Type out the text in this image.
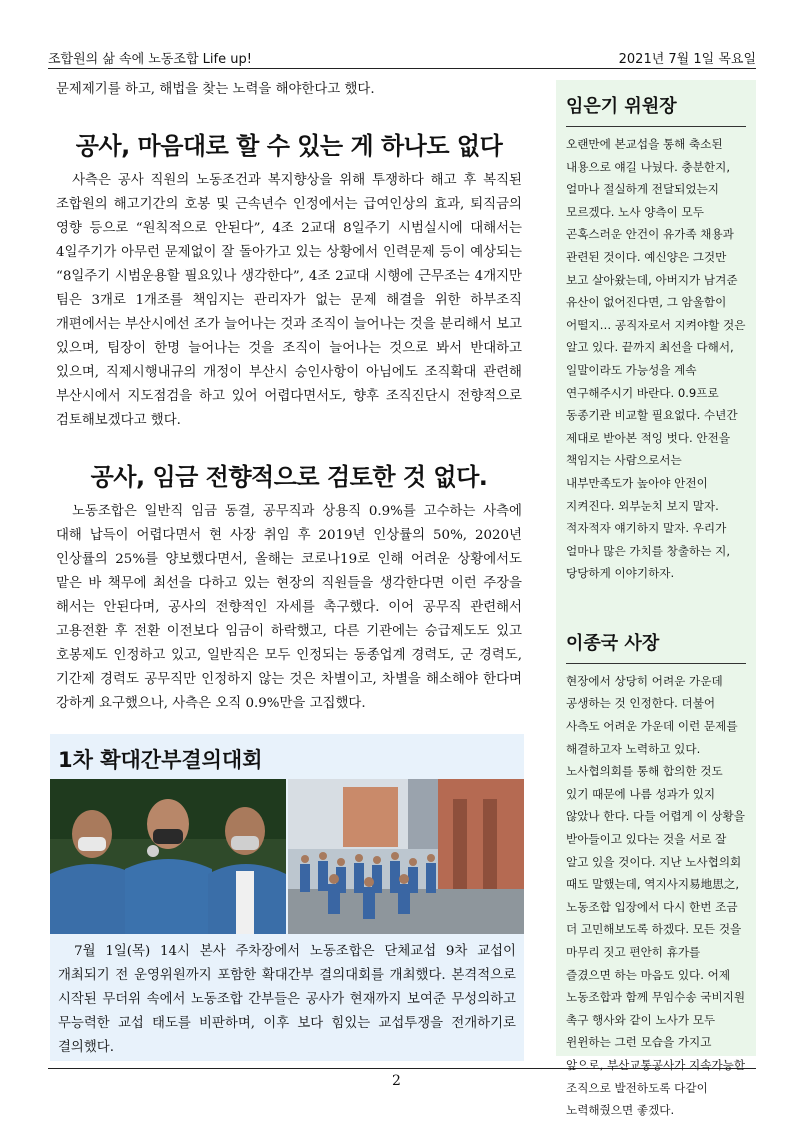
조합원의 삶 속에 노동조합 Life up!	2021년 7월 1일 목요일

문제제기를 하고, 해법을 찾는 노력을 해야한다고 했다.

공사, 마음대로 할 수 있는 게 하나도 없다

사측은 공사 직원의 노동조건과 복지향상을 위해 투쟁하다 해고 후 복직된 조합원의 해고기간의 호봉 및 근속년수 인정에서는 급여인상의 효과, 퇴직금의 영향 등으로 “원칙적으로 안된다”, 4조 2교대 8일주기 시범실시에 대해서는 4일주기가 아무런 문제없이 잘 돌아가고 있는 상황에서 인력문제 등이 예상되는 “8일주기 시범운용할 필요있나 생각한다”, 4조 2교대 시행에 근무조는 4개지만 팀은 3개로 1개조를 책임지는 관리자가 없는 문제 해결을 위한 하부조직 개편에서는 부산시에선 조가 늘어나는 것과 조직이 늘어나는 것을 분리해서 보고 있으며, 팀장이 한명 늘어나는 것을 조직이 늘어나는 것으로 봐서 반대하고 있으며, 직제시행내규의 개정이 부산시 승인사항이 아님에도 조직확대 관련해 부산시에서 지도점검을 하고 있어 어렵다면서도, 향후 조직진단시 전향적으로 검토해보겠다고 했다.

공사, 임금 전향적으로 검토한 것 없다.

노동조합은 일반직 임금 동결, 공무직과 상용직 0.9%를 고수하는 사측에 대해 납득이 어렵다면서 현 사장 취임 후 2019년 인상률의 50%, 2020년 인상률의 25%를 양보했다면서, 올해는 코로나19로 인해 어려운 상황에서도 맡은 바 책무에 최선을 다하고 있는 현장의 직원들을 생각한다면 이런 주장을 해서는 안된다며, 공사의 전향적인 자세를 촉구했다. 이어 공무직 관련해서 고용전환 후 전환 이전보다 임금이 하락했고, 다른 기관에는 승급제도도 있고 호봉제도 인정하고 있고, 일반직은 모두 인정되는 동종업계 경력도, 군 경력도, 기간제 경력도 공무직만 인정하지 않는 것은 차별이고, 차별을 해소해야 한다며 강하게 요구했으나, 사측은 오직 0.9%만을 고집했다.

1차 확대간부결의대회

7월 1일(목) 14시 본사 주차장에서 노동조합은 단체교섭 9차 교섭이 개최되기 전 운영위원까지 포함한 확대간부 결의대회를 개최했다. 본격적으로 시작된 무더위 속에서 노동조합 간부들은 공사가 현재까지 보여준 무성의하고 무능력한 교섭 태도를 비판하며, 이후 보다 힘있는 교섭투쟁을 전개하기로 결의했다.

임은기 위원장

오랜만에 본교섭을 통해 축소된 내용으로 얘길 나눴다. 충분한지, 얼마나 절실하게 전달되었는지 모르겠다. 노사 양측이 모두 곤혹스러운 안건이 유가족 채용과 관련된 것이다. 예신양은 그것만 보고 살아왔는데, 아버지가 남겨준 유산이 없어진다면, 그 암울함이 어떨지… 공직자로서 지켜야할 것은 알고 있다. 끝까지 최선을 다해서, 일말이라도 가능성을 계속 연구해주시기 바란다. 0.9프로 동종기관 비교할 필요없다. 수년간 제대로 받아본 적잉 벗다. 안전을 책임지는 사람으로서는 내부만족도가 높아야 안전이 지켜진다. 외부눈치 보지 말자. 적자적자 얘기하지 말자. 우리가 얼마나 많은 가치를 창출하는 지, 당당하게 이야기하자.

이종국 사장

현장에서 상당히 어려운 가운데 공생하는 것 인정한다. 더불어 사측도 어려운 가운데 이런 문제를 해결하고자 노력하고 있다. 노사협의회를 통해 합의한 것도 있기 때문에 나름 성과가 있지 않았나 한다. 다들 어렵게 이 상황을 받아들이고 있다는 것을 서로 잘 알고 있을 것이다. 지난 노사협의회 때도 말했는데, 역지사지易地思之, 노동조합 입장에서 다시 한번 조금 더 고민해보도록 하겠다. 모든 것을 마무리 짓고 편안히 휴가를 즐겼으면 하는 마음도 있다. 어제 노동조합과 함께 무임수송 국비지원 촉구 행사와 같이 노사가 모두 윈윈하는 그런 모습을 가지고 앞으로, 부산교통공사가 지속가능한 조직으로 발전하도록 다같이 노력해줬으면 좋겠다.

2
